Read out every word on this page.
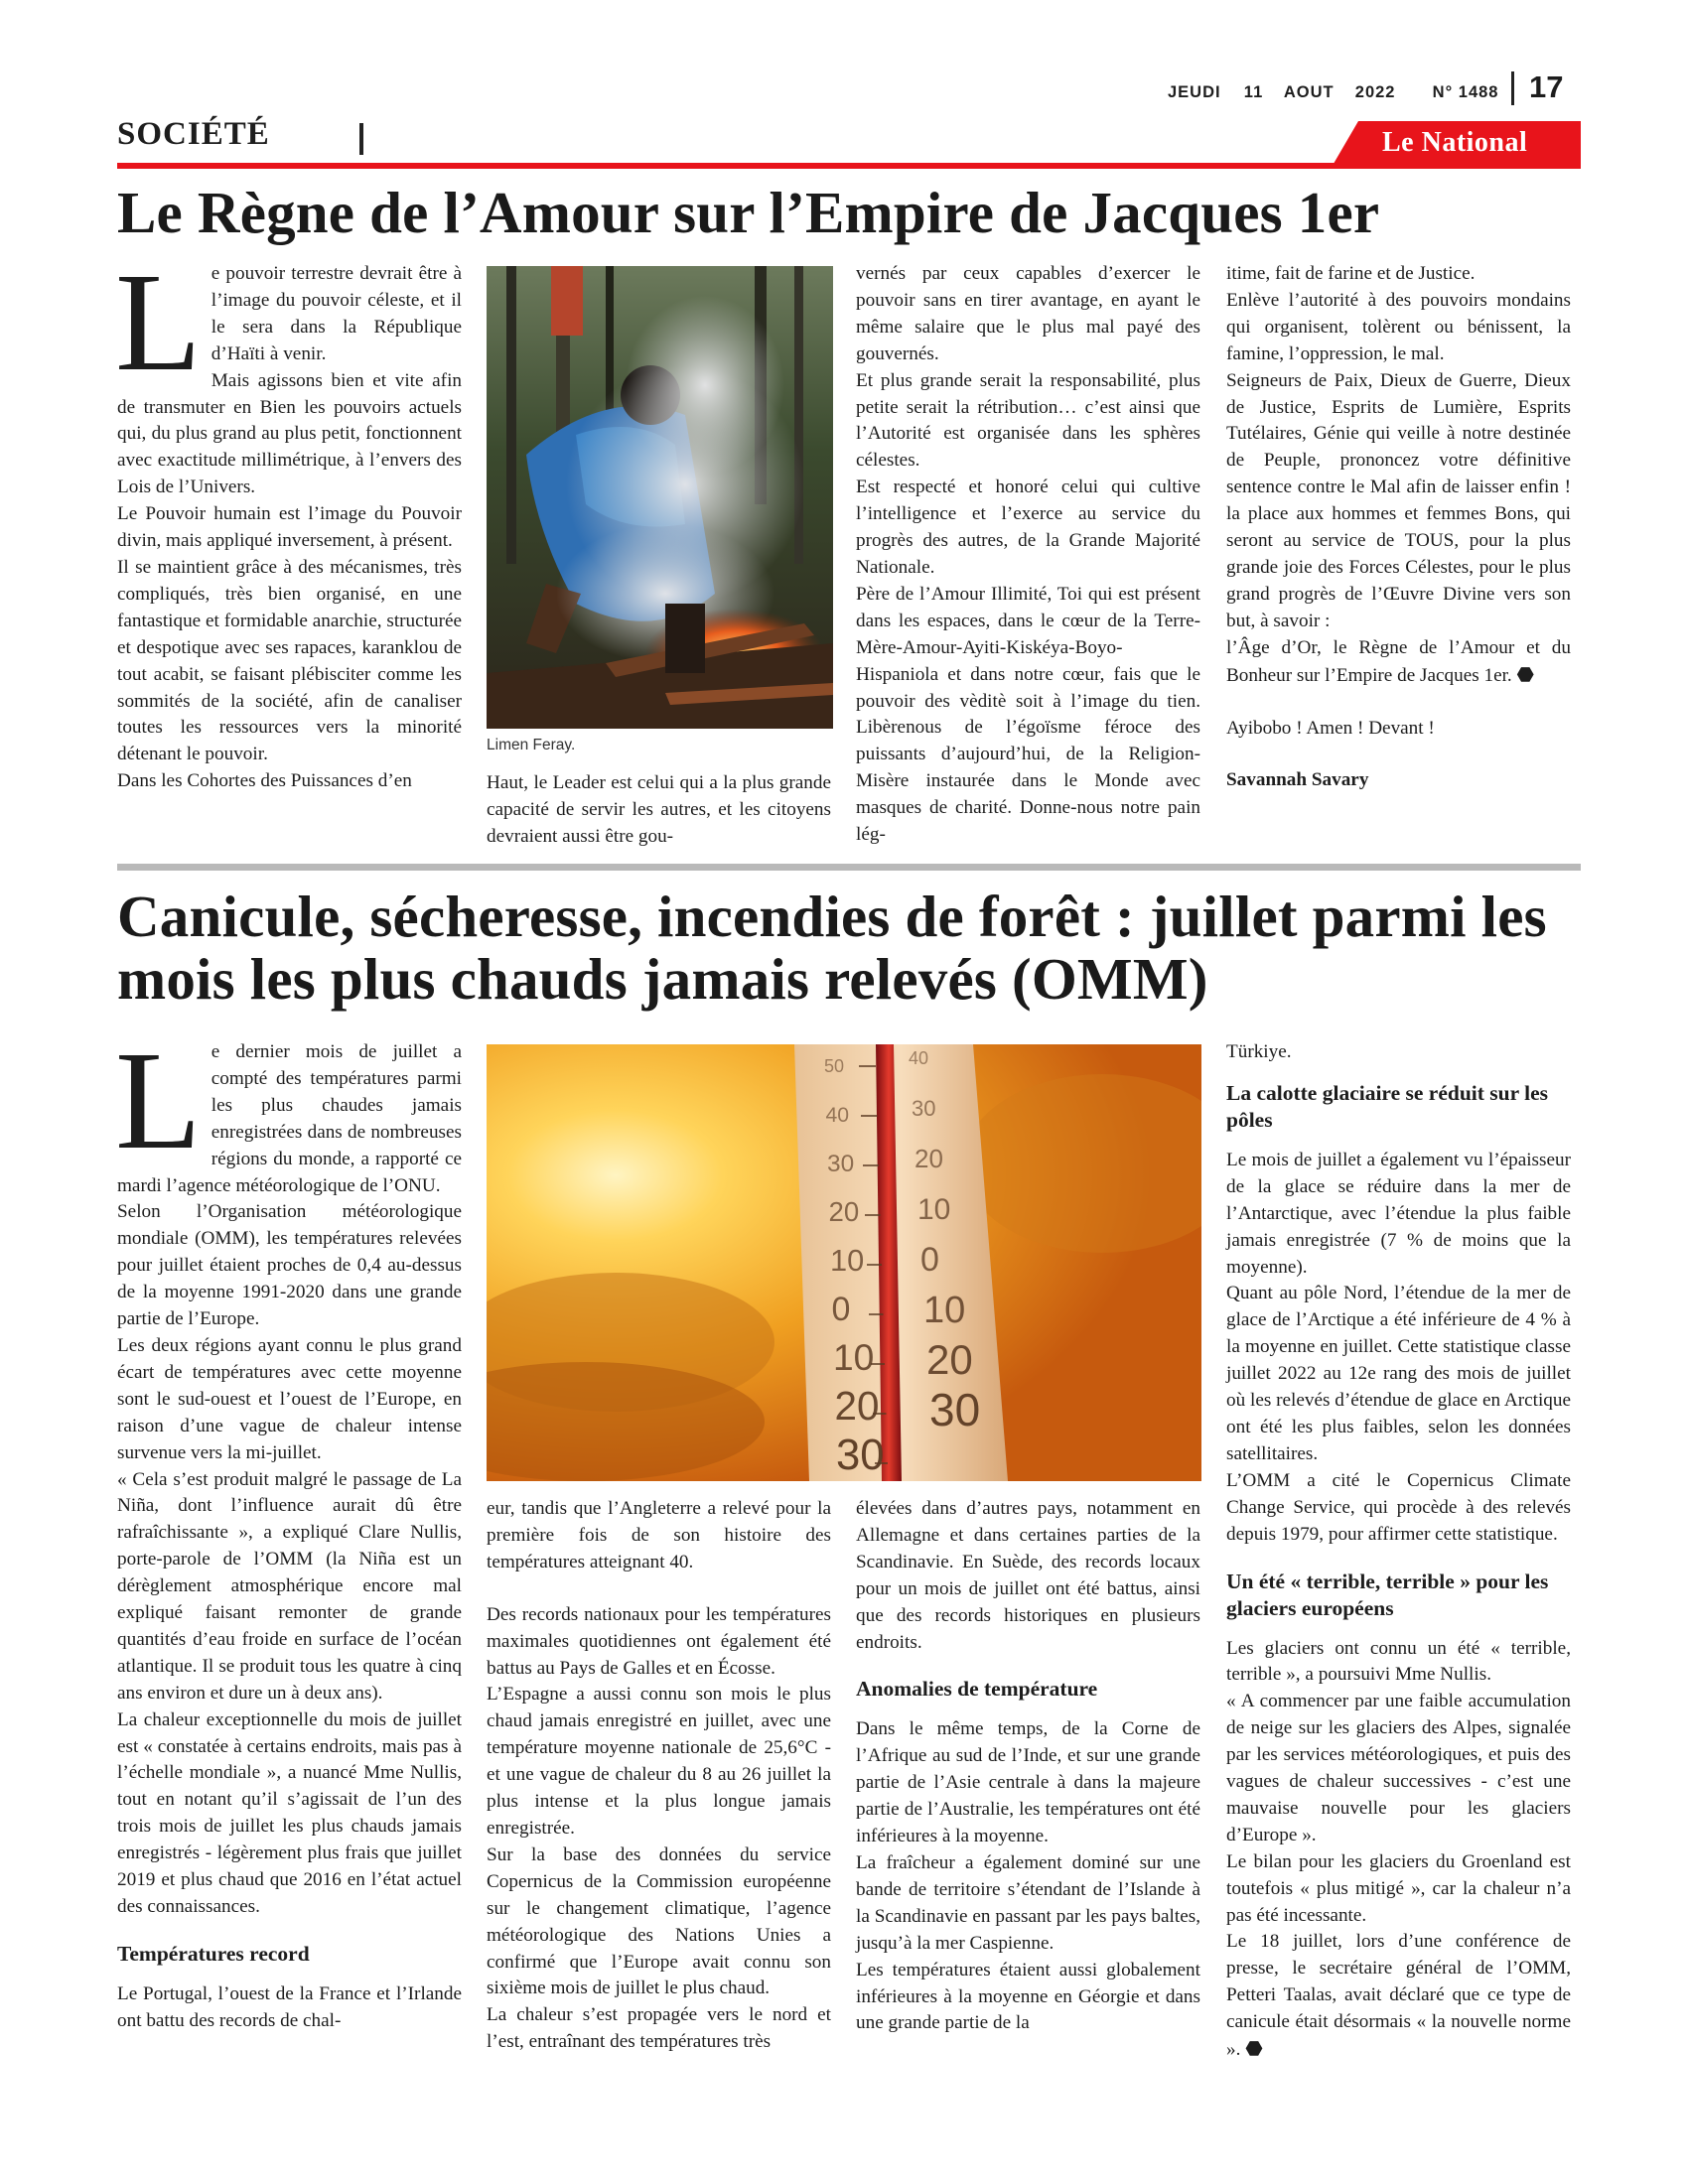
JEUDI 11 AOUT 2022 N° 1488 17
SOCIÉTÉ	Le National
Le Règne de l’Amour sur l’Empire de Jacques 1er
L e pouvoir terrestre devrait être à l’image du pouvoir céleste, et il le sera dans la République d’Haïti à venir.

Mais agissons bien et vite afin de transmuter en Bien les pouvoirs actuels qui, du plus grand au plus petit, fonctionnent avec exactitude millimétrique, à l’envers des Lois de l’Univers.

Le Pouvoir humain est l’image du Pouvoir divin, mais appliqué inversement, à présent.

Il se maintient grâce à des mécanismes, très compliqués, très bien organisé, en une fantastique et formidable anarchie, structurée et despotique avec ses rapaces, karanklou de tout acabit, se faisant plébisciter comme les sommités de la société, afin de canaliser toutes les ressources vers la minorité détenant le pouvoir.

Dans les Cohortes des Puissances d’en

Limen Feray.

Haut, le Leader est celui qui a la plus grande capacité de servir les autres, et les citoyens devraient aussi être gou-

vernés par ceux capables d’exercer le pouvoir sans en tirer avantage, en ayant le même salaire que le plus mal payé des gouvernés.

Et plus grande serait la responsabilité, plus petite serait la rétribution… c’est ainsi que l’Autorité est organisée dans les sphères célestes.

Est respecté et honoré celui qui cultive l’intelligence et l’exerce au service du progrès des autres, de la Grande Majorité Nationale.

Père de l’Amour Illimité, Toi qui est présent dans les espaces, dans le cœur de la Terre-Mère-Amour-Ayiti-Kiskéya-Boyo-Hispaniola et dans notre cœur, fais que le pouvoir des vèditè soit à l’image du tien. Libèrenous de l’égoïsme féroce des puissants d’aujourd’hui, de la Religion-Misère instaurée dans le Monde avec masques de charité. Donne-nous notre pain lég-

itime, fait de farine et de Justice.

Enlève l’autorité à des pouvoirs mondains qui organisent, tolèrent ou bénissent, la famine, l’oppression, le mal.

Seigneurs de Paix, Dieux de Guerre, Dieux de Justice, Esprits de Lumière, Esprits Tutélaires, Génie qui veille à notre destinée de Peuple, prononcez votre définitive sentence contre le Mal afin de laisser enfin ! la place aux hommes et femmes Bons, qui seront au service de TOUS, pour la plus grande joie des Forces Célestes, pour le plus grand progrès de l’Œuvre Divine vers son but, à savoir :

l’Âge d’Or, le Règne de l’Amour et du Bonheur sur l’Empire de Jacques 1er. ⬣

Ayibobo ! Amen ! Devant !

Savannah Savary

Canicule, sécheresse, incendies de forêt : juillet parmi les
mois les plus chauds jamais relevés (OMM)
L e dernier mois de juillet a compté des températures parmi les plus chaudes jamais enregistrées dans de nombreuses régions du monde, a rapporté ce mardi l’agence météorologique de l’ONU.

Selon l’Organisation météorologique mondiale (OMM), les températures relevées pour juillet étaient proches de 0,4 au-dessus de la moyenne 1991-2020 dans une grande partie de l’Europe.

Les deux régions ayant connu le plus grand écart de températures avec cette moyenne sont le sud-ouest et l’ouest de l’Europe, en raison d’une vague de chaleur intense survenue vers la mi-juillet.

« Cela s’est produit malgré le passage de La Niña, dont l’influence aurait dû être rafraîchissante », a expliqué Clare Nullis, porte-parole de l’OMM (la Niña est un dérèglement atmosphérique encore mal expliqué faisant remonter de grande quantités d’eau froide en surface de l’océan atlantique. Il se produit tous les quatre à cinq ans environ et dure un à deux ans).

La chaleur exceptionnelle du mois de juillet est « constatée à certains endroits, mais pas à l’échelle mondiale », a nuancé Mme Nullis, tout en notant qu’il s’agissait de l’un des trois mois de juillet les plus chauds jamais enregistrés - légèrement plus frais que juillet 2019 et plus chaud que 2016 en l’état actuel des connaissances.

Températures record

Le Portugal, l’ouest de la France et l’Irlande ont battu des records de chal-

50
40
30
20
10
0
10
20
30
40
30
20
10
0
10
20
30

eur, tandis que l’Angleterre a relevé pour la première fois de son histoire des températures atteignant 40.

Des records nationaux pour les températures maximales quotidiennes ont également été battus au Pays de Galles et en Écosse.

L’Espagne a aussi connu son mois le plus chaud jamais enregistré en juillet, avec une température moyenne nationale de 25,6°C - et une vague de chaleur du 8 au 26 juillet la plus intense et la plus longue jamais enregistrée.

Sur la base des données du service Copernicus de la Commission européenne sur le changement climatique, l’agence météorologique des Nations Unies a confirmé que l’Europe avait connu son sixième mois de juillet le plus chaud.

La chaleur s’est propagée vers le nord et l’est, entraînant des températures très

élevées dans d’autres pays, notamment en Allemagne et dans certaines parties de la Scandinavie. En Suède, des records locaux pour un mois de juillet ont été battus, ainsi que des records historiques en plusieurs endroits.

Anomalies de température

Dans le même temps, de la Corne de l’Afrique au sud de l’Inde, et sur une grande partie de l’Asie centrale à dans la majeure partie de l’Australie, les températures ont été inférieures à la moyenne.

La fraîcheur a également dominé sur une bande de territoire s’étendant de l’Islande à la Scandinavie en passant par les pays baltes, jusqu’à la mer Caspienne.

Les températures étaient aussi globalement inférieures à la moyenne en Géorgie et dans une grande partie de la

Türkiye.

La calotte glaciaire se réduit sur les pôles

Le mois de juillet a également vu l’épaisseur de la glace se réduire dans la mer de l’Antarctique, avec l’étendue la plus faible jamais enregistrée (7 % de moins que la moyenne).

Quant au pôle Nord, l’étendue de la mer de glace de l’Arctique a été inférieure de 4 % à la moyenne en juillet. Cette statistique classe juillet 2022 au 12e rang des mois de juillet où les relevés d’étendue de glace en Arctique ont été les plus faibles, selon les données satellitaires.

L’OMM a cité le Copernicus Climate Change Service, qui procède à des relevés depuis 1979, pour affirmer cette statistique.

Un été « terrible, terrible » pour les glaciers européens

Les glaciers ont connu un été « terrible, terrible », a poursuivi Mme Nullis.

« A commencer par une faible accumulation de neige sur les glaciers des Alpes, signalée par les services météorologiques, et puis des vagues de chaleur successives - c’est une mauvaise nouvelle pour les glaciers d’Europe ».

Le bilan pour les glaciers du Groenland est toutefois « plus mitigé », car la chaleur n’a pas été incessante.

Le 18 juillet, lors d’une conférence de presse, le secrétaire général de l’OMM, Petteri Taalas, avait déclaré que ce type de canicule était désormais « la nouvelle norme ». ⬣
